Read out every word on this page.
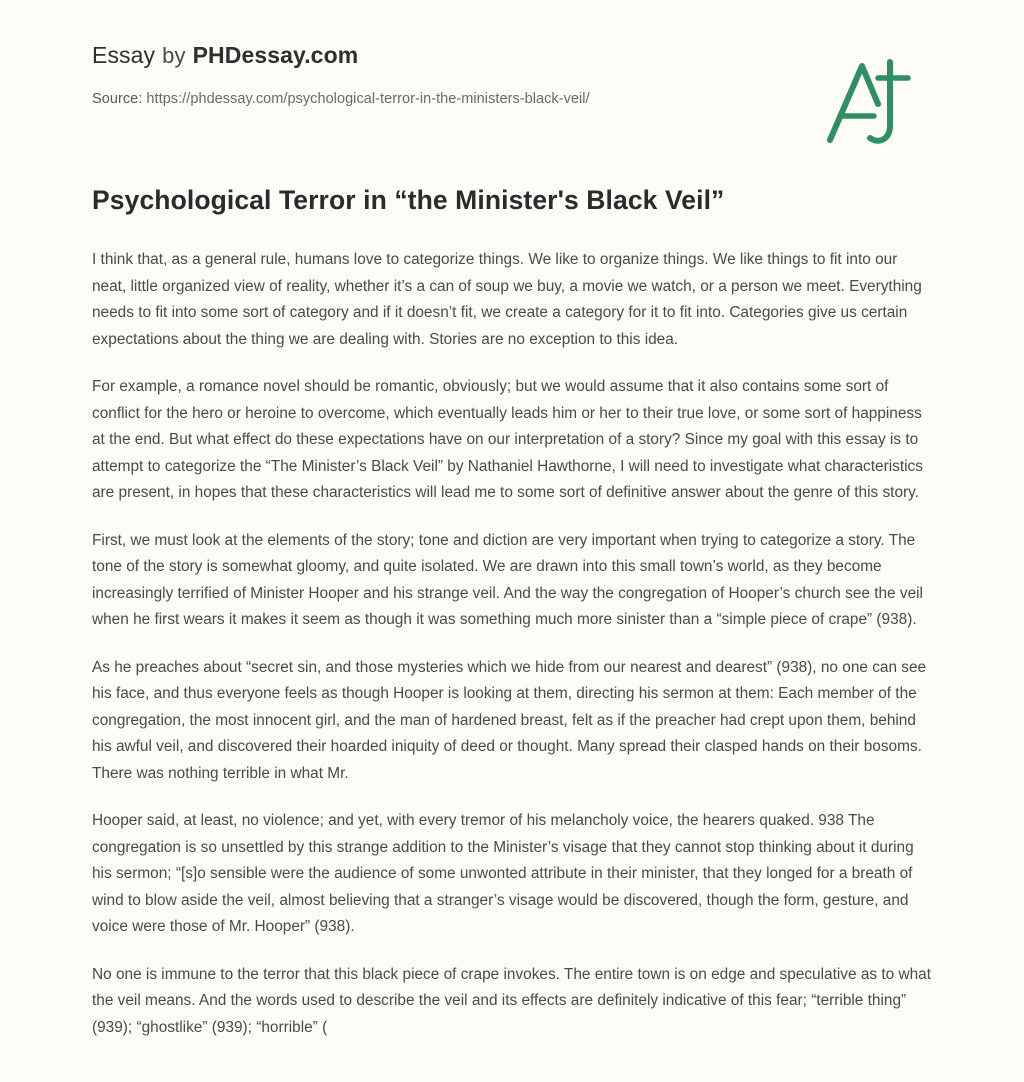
Essay by PHDessay.com
Source: https://phdessay.com/psychological-terror-in-the-ministers-black-veil/
Psychological Terror in “the Minister's Black Veil”

I think that, as a general rule, humans love to categorize things. We like to organize things. We like things to fit into our neat, little organized view of reality, whether it’s a can of soup we buy, a movie we watch, or a person we meet. Everything needs to fit into some sort of category and if it doesn’t fit, we create a category for it to fit into. Categories give us certain expectations about the thing we are dealing with. Stories are no exception to this idea.

For example, a romance novel should be romantic, obviously; but we would assume that it also contains some sort of conflict for the hero or heroine to overcome, which eventually leads him or her to their true love, or some sort of happiness at the end. But what effect do these expectations have on our interpretation of a story? Since my goal with this essay is to attempt to categorize the “The Minister’s Black Veil” by Nathaniel Hawthorne, I will need to investigate what characteristics are present, in hopes that these characteristics will lead me to some sort of definitive answer about the genre of this story.

First, we must look at the elements of the story; tone and diction are very important when trying to categorize a story. The tone of the story is somewhat gloomy, and quite isolated. We are drawn into this small town’s world, as they become increasingly terrified of Minister Hooper and his strange veil. And the way the congregation of Hooper’s church see the veil when he first wears it makes it seem as though it was something much more sinister than a “simple piece of crape” (938).

As he preaches about “secret sin, and those mysteries which we hide from our nearest and dearest” (938), no one can see his face, and thus everyone feels as though Hooper is looking at them, directing his sermon at them: Each member of the congregation, the most innocent girl, and the man of hardened breast, felt as if the preacher had crept upon them, behind his awful veil, and discovered their hoarded iniquity of deed or thought. Many spread their clasped hands on their bosoms. There was nothing terrible in what Mr.

Hooper said, at least, no violence; and yet, with every tremor of his melancholy voice, the hearers quaked. 938 The congregation is so unsettled by this strange addition to the Minister’s visage that they cannot stop thinking about it during his sermon; “[s]o sensible were the audience of some unwonted attribute in their minister, that they longed for a breath of wind to blow aside the veil, almost believing that a stranger’s visage would be discovered, though the form, gesture, and voice were those of Mr. Hooper” (938).

No one is immune to the terror that this black piece of crape invokes. The entire town is on edge and speculative as to what the veil means. And the words used to describe the veil and its effects are definitely indicative of this fear; “terrible thing” (939); “ghostlike” (939); “horrible” (
